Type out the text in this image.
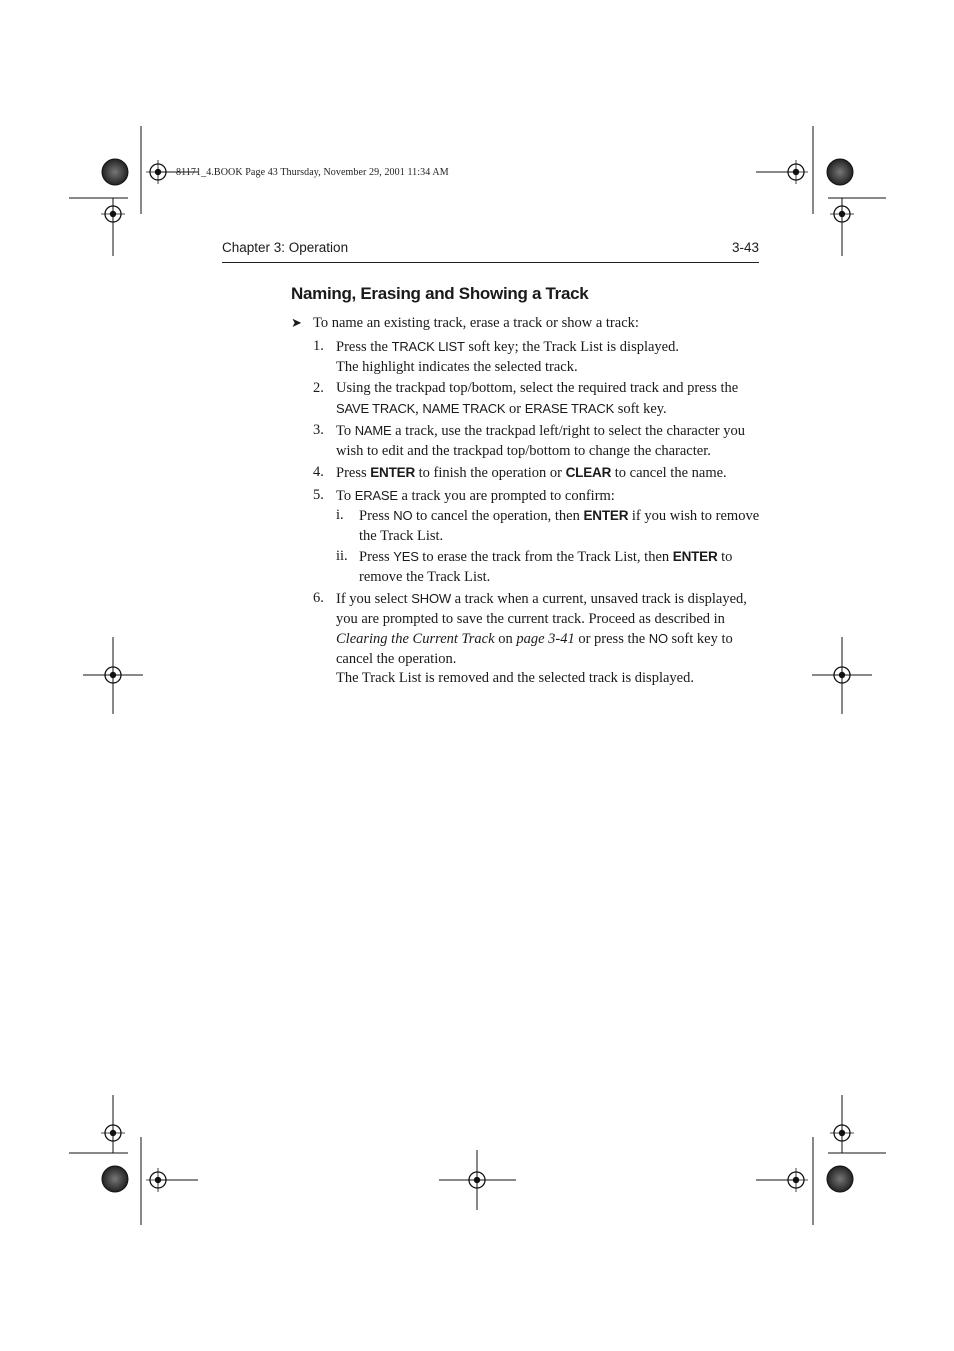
81171_4.BOOK Page 43 Thursday, November 29, 2001 11:34 AM
Chapter 3: Operation	3-43
Naming, Erasing and Showing a Track
➤ To name an existing track, erase a track or show a track:
1. Press the TRACK LIST soft key; the Track List is displayed.
The highlight indicates the selected track.
2. Using the trackpad top/bottom, select the required track and press the SAVE TRACK, NAME TRACK or ERASE TRACK soft key.
3. To NAME a track, use the trackpad left/right to select the character you wish to edit and the trackpad top/bottom to change the character.
4. Press ENTER to finish the operation or CLEAR to cancel the name.
5. To ERASE a track you are prompted to confirm:
i. Press NO to cancel the operation, then ENTER if you wish to remove the Track List.
ii. Press YES to erase the track from the Track List, then ENTER to remove the Track List.
6. If you select SHOW a track when a current, unsaved track is displayed, you are prompted to save the current track. Proceed as described in Clearing the Current Track on page 3-41 or press the NO soft key to cancel the operation.
The Track List is removed and the selected track is displayed.
